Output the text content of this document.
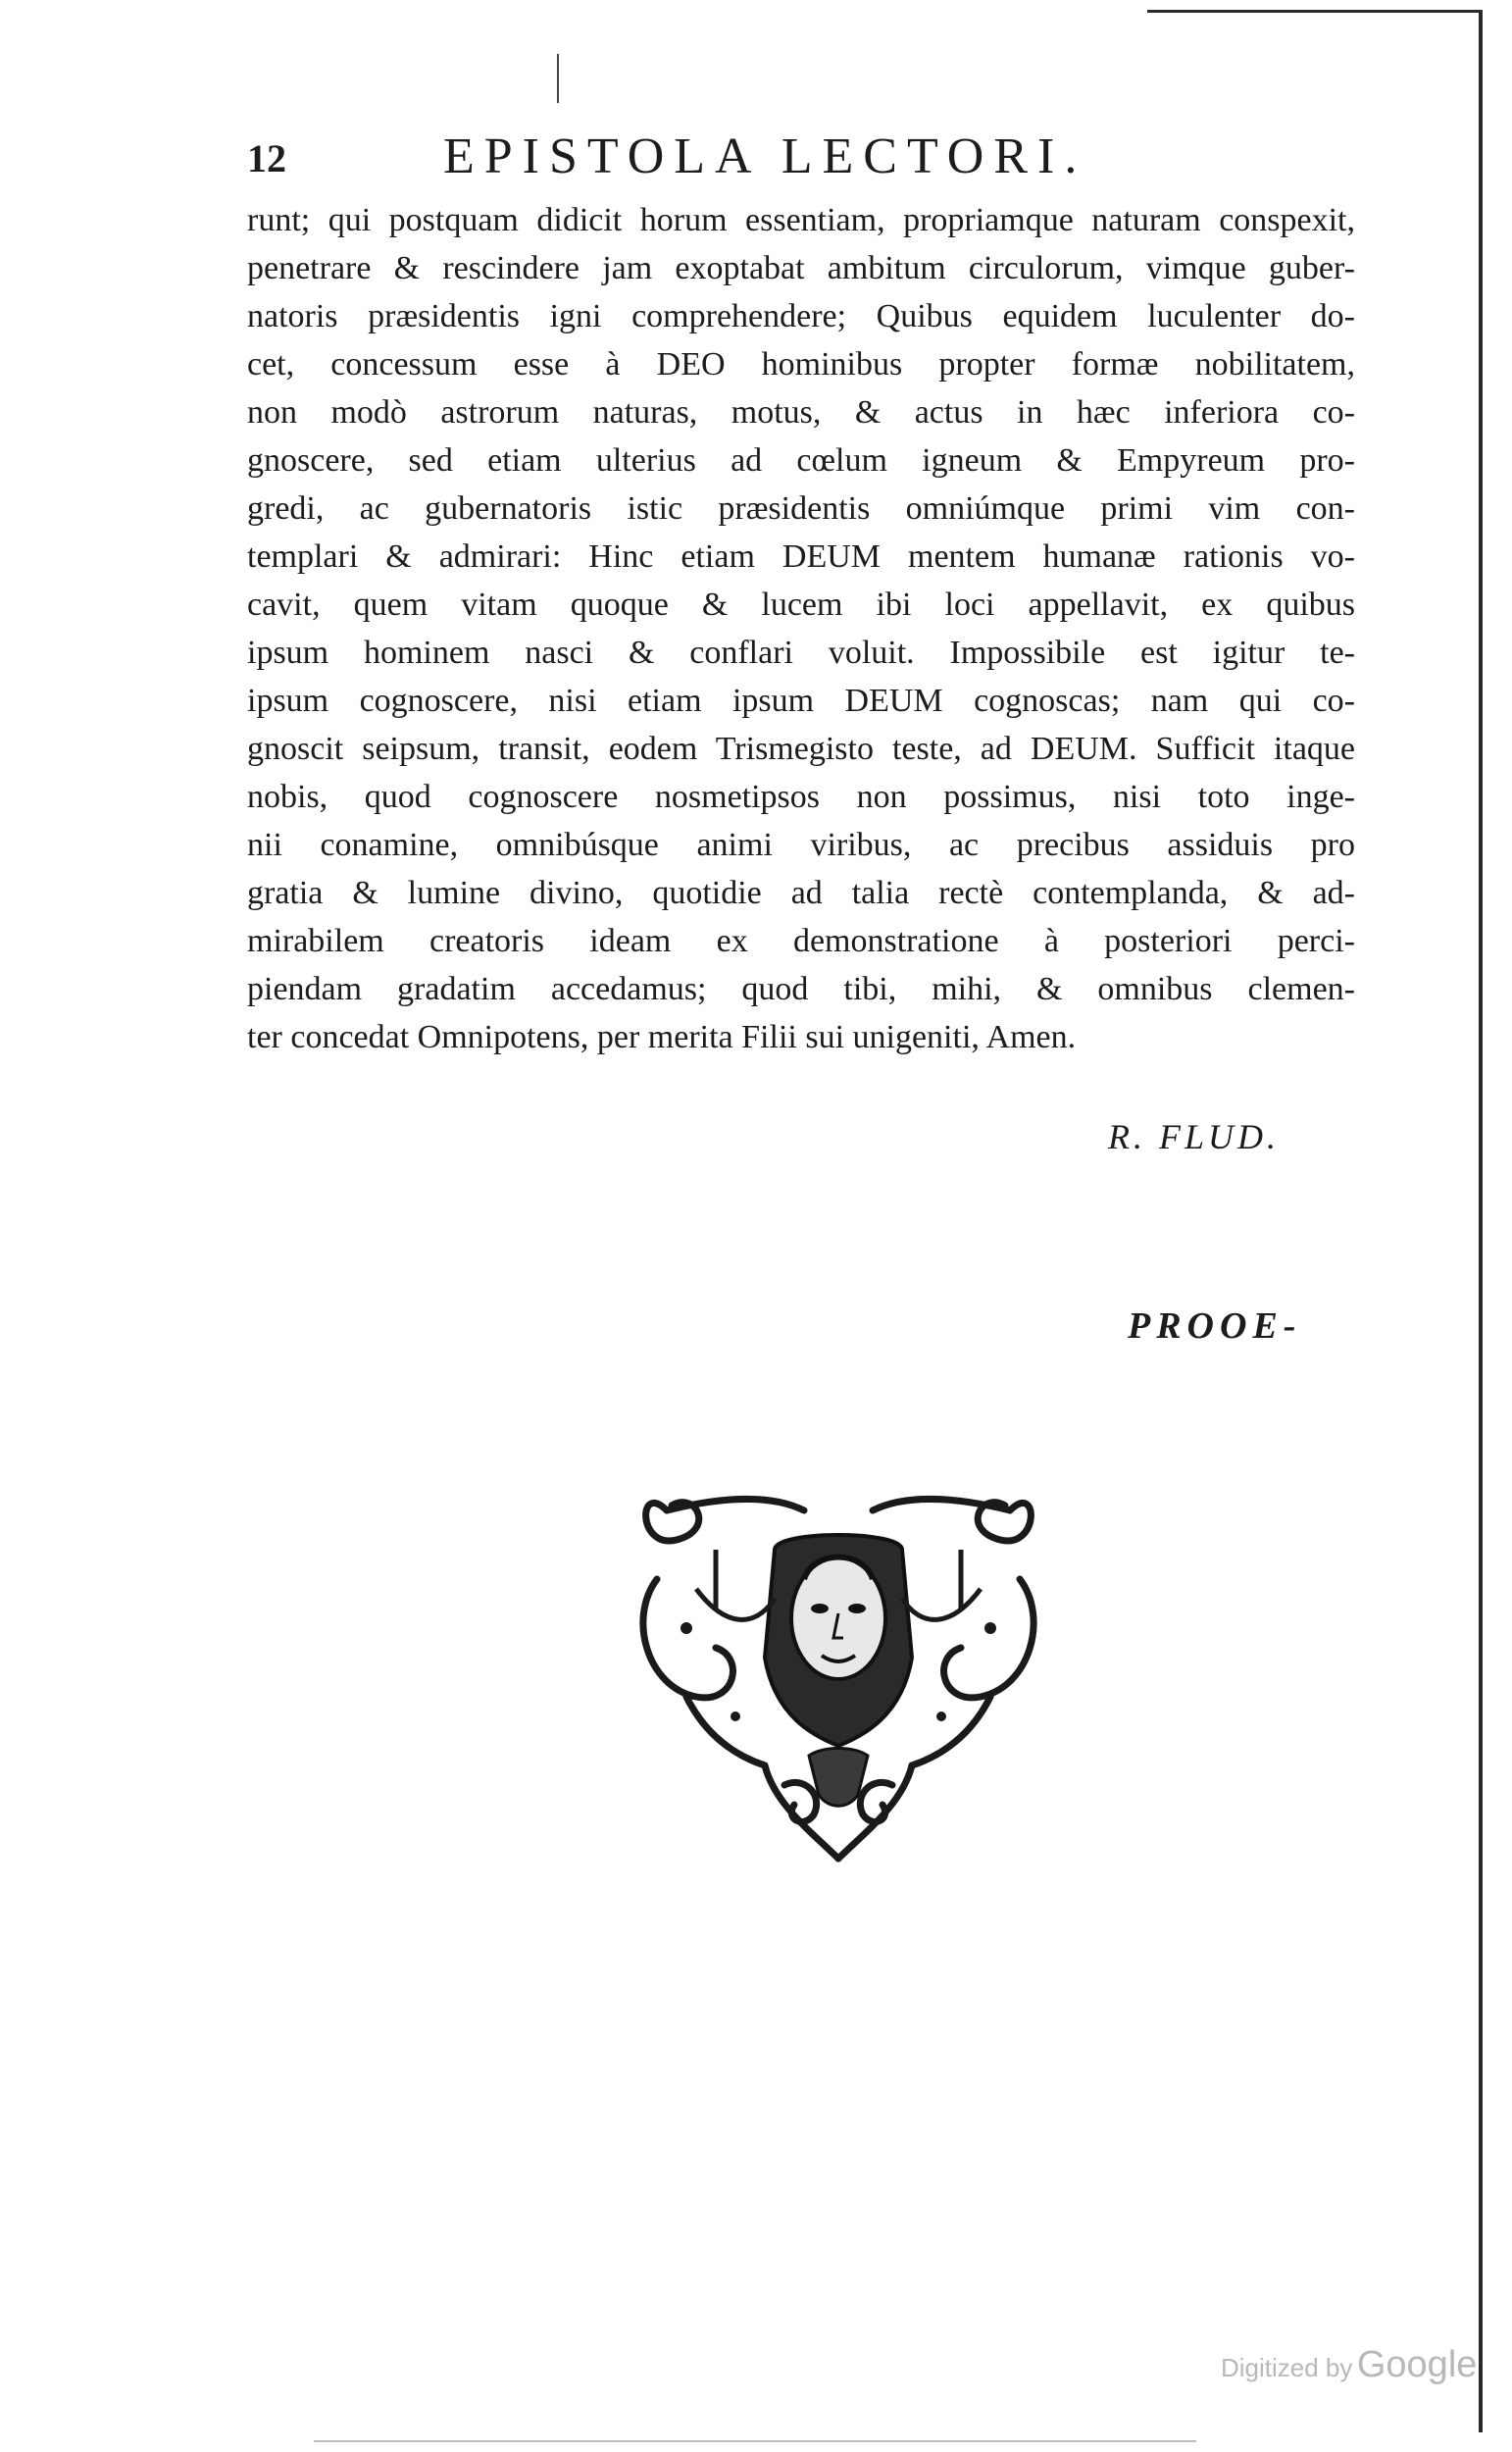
12	EPISTOLA LECTORI.
runt; qui postquam didicit horum essentiam, propriamque naturam conspexit,
penetrare & rescindere jam exoptabat ambitum circulorum, vimque guber-
natoris præsidentis igni comprehendere; Quibus equidem luculenter do-
cet, concessum esse à DEO hominibus propter formæ nobilitatem,
non modò astrorum naturas, motus, & actus in hæc inferiora co-
gnoscere, sed etiam ulterius ad cœlum igneum & Empyreum pro-
gredi, ac gubernatoris istic præsidentis omniúmque primi vim con-
templari & admirari: Hinc etiam DEUM mentem humanæ rationis vo-
cavit, quem vitam quoque & lucem ibi loci appellavit, ex quibus
ipsum hominem nasci & conflari voluit. Impossibile est igitur te-
ipsum cognoscere, nisi etiam ipsum DEUM cognoscas; nam qui co-
gnoscit seipsum, transit, eodem Trismegisto teste, ad DEUM. Sufficit itaque
nobis, quod cognoscere nosmetipsos non possimus, nisi toto inge-
nii conamine, omnibúsque animi viribus, ac precibus assiduis pro
gratia & lumine divino, quotidie ad talia rectè contemplanda, & ad-
mirabilem creatoris ideam ex demonstratione à posteriori perci-
piendam gradatim accedamus; quod tibi, mihi, & omnibus clemen-
ter concedat Omnipotens, per merita Filii sui unigeniti, Amen.
R. FLUD.
PROOE-
Digitized by Google
